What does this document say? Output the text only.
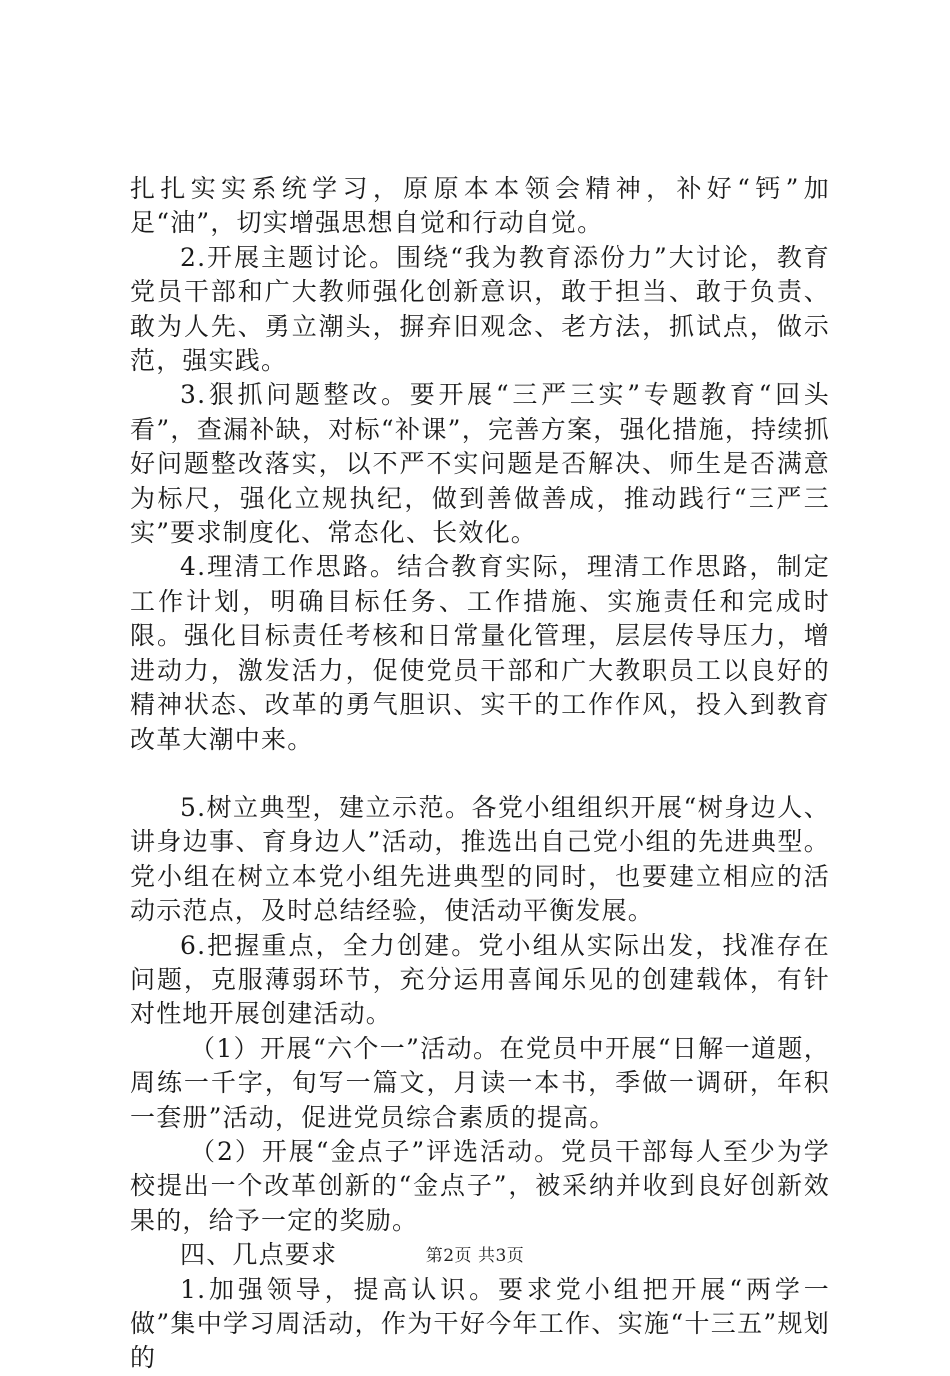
扎扎实实系统学习，原原本本领会精神，补好“钙”加足“油”，切实增强思想自觉和行动自觉。

2.开展主题讨论。围绕“我为教育添份力”大讨论，教育党员干部和广大教师强化创新意识，敢于担当、敢于负责、敢为人先、勇立潮头，摒弃旧观念、老方法，抓试点，做示范，强实践。

3.狠抓问题整改。要开展“三严三实”专题教育“回头看”，查漏补缺，对标“补课”，完善方案，强化措施，持续抓好问题整改落实，以不严不实问题是否解决、师生是否满意为标尺，强化立规执纪，做到善做善成，推动践行“三严三实”要求制度化、常态化、长效化。

4.理清工作思路。结合教育实际，理清工作思路，制定工作计划，明确目标任务、工作措施、实施责任和完成时限。强化目标责任考核和日常量化管理，层层传导压力，增进动力，激发活力，促使党员干部和广大教职员工以良好的精神状态、改革的勇气胆识、实干的工作作风，投入到教育改革大潮中来。

5.树立典型，建立示范。各党小组组织开展“树身边人、讲身边事、育身边人”活动，推选出自己党小组的先进典型。党小组在树立本党小组先进典型的同时，也要建立相应的活动示范点，及时总结经验，使活动平衡发展。

6.把握重点，全力创建。党小组从实际出发，找准存在问题，克服薄弱环节，充分运用喜闻乐见的创建载体，有针对性地开展创建活动。

（1）开展“六个一”活动。在党员中开展“日解一道题，周练一千字，旬写一篇文，月读一本书，季做一调研，年积一套册”活动，促进党员综合素质的提高。

（2）开展“金点子”评选活动。党员干部每人至少为学校提出一个改革创新的“金点子”，被采纳并收到良好创新效果的，给予一定的奖励。

四、几点要求

1.加强领导，提高认识。要求党小组把开展“两学一做”集中学习周活动，作为干好今年工作、实施“十三五”规划的

第2页 共3页
